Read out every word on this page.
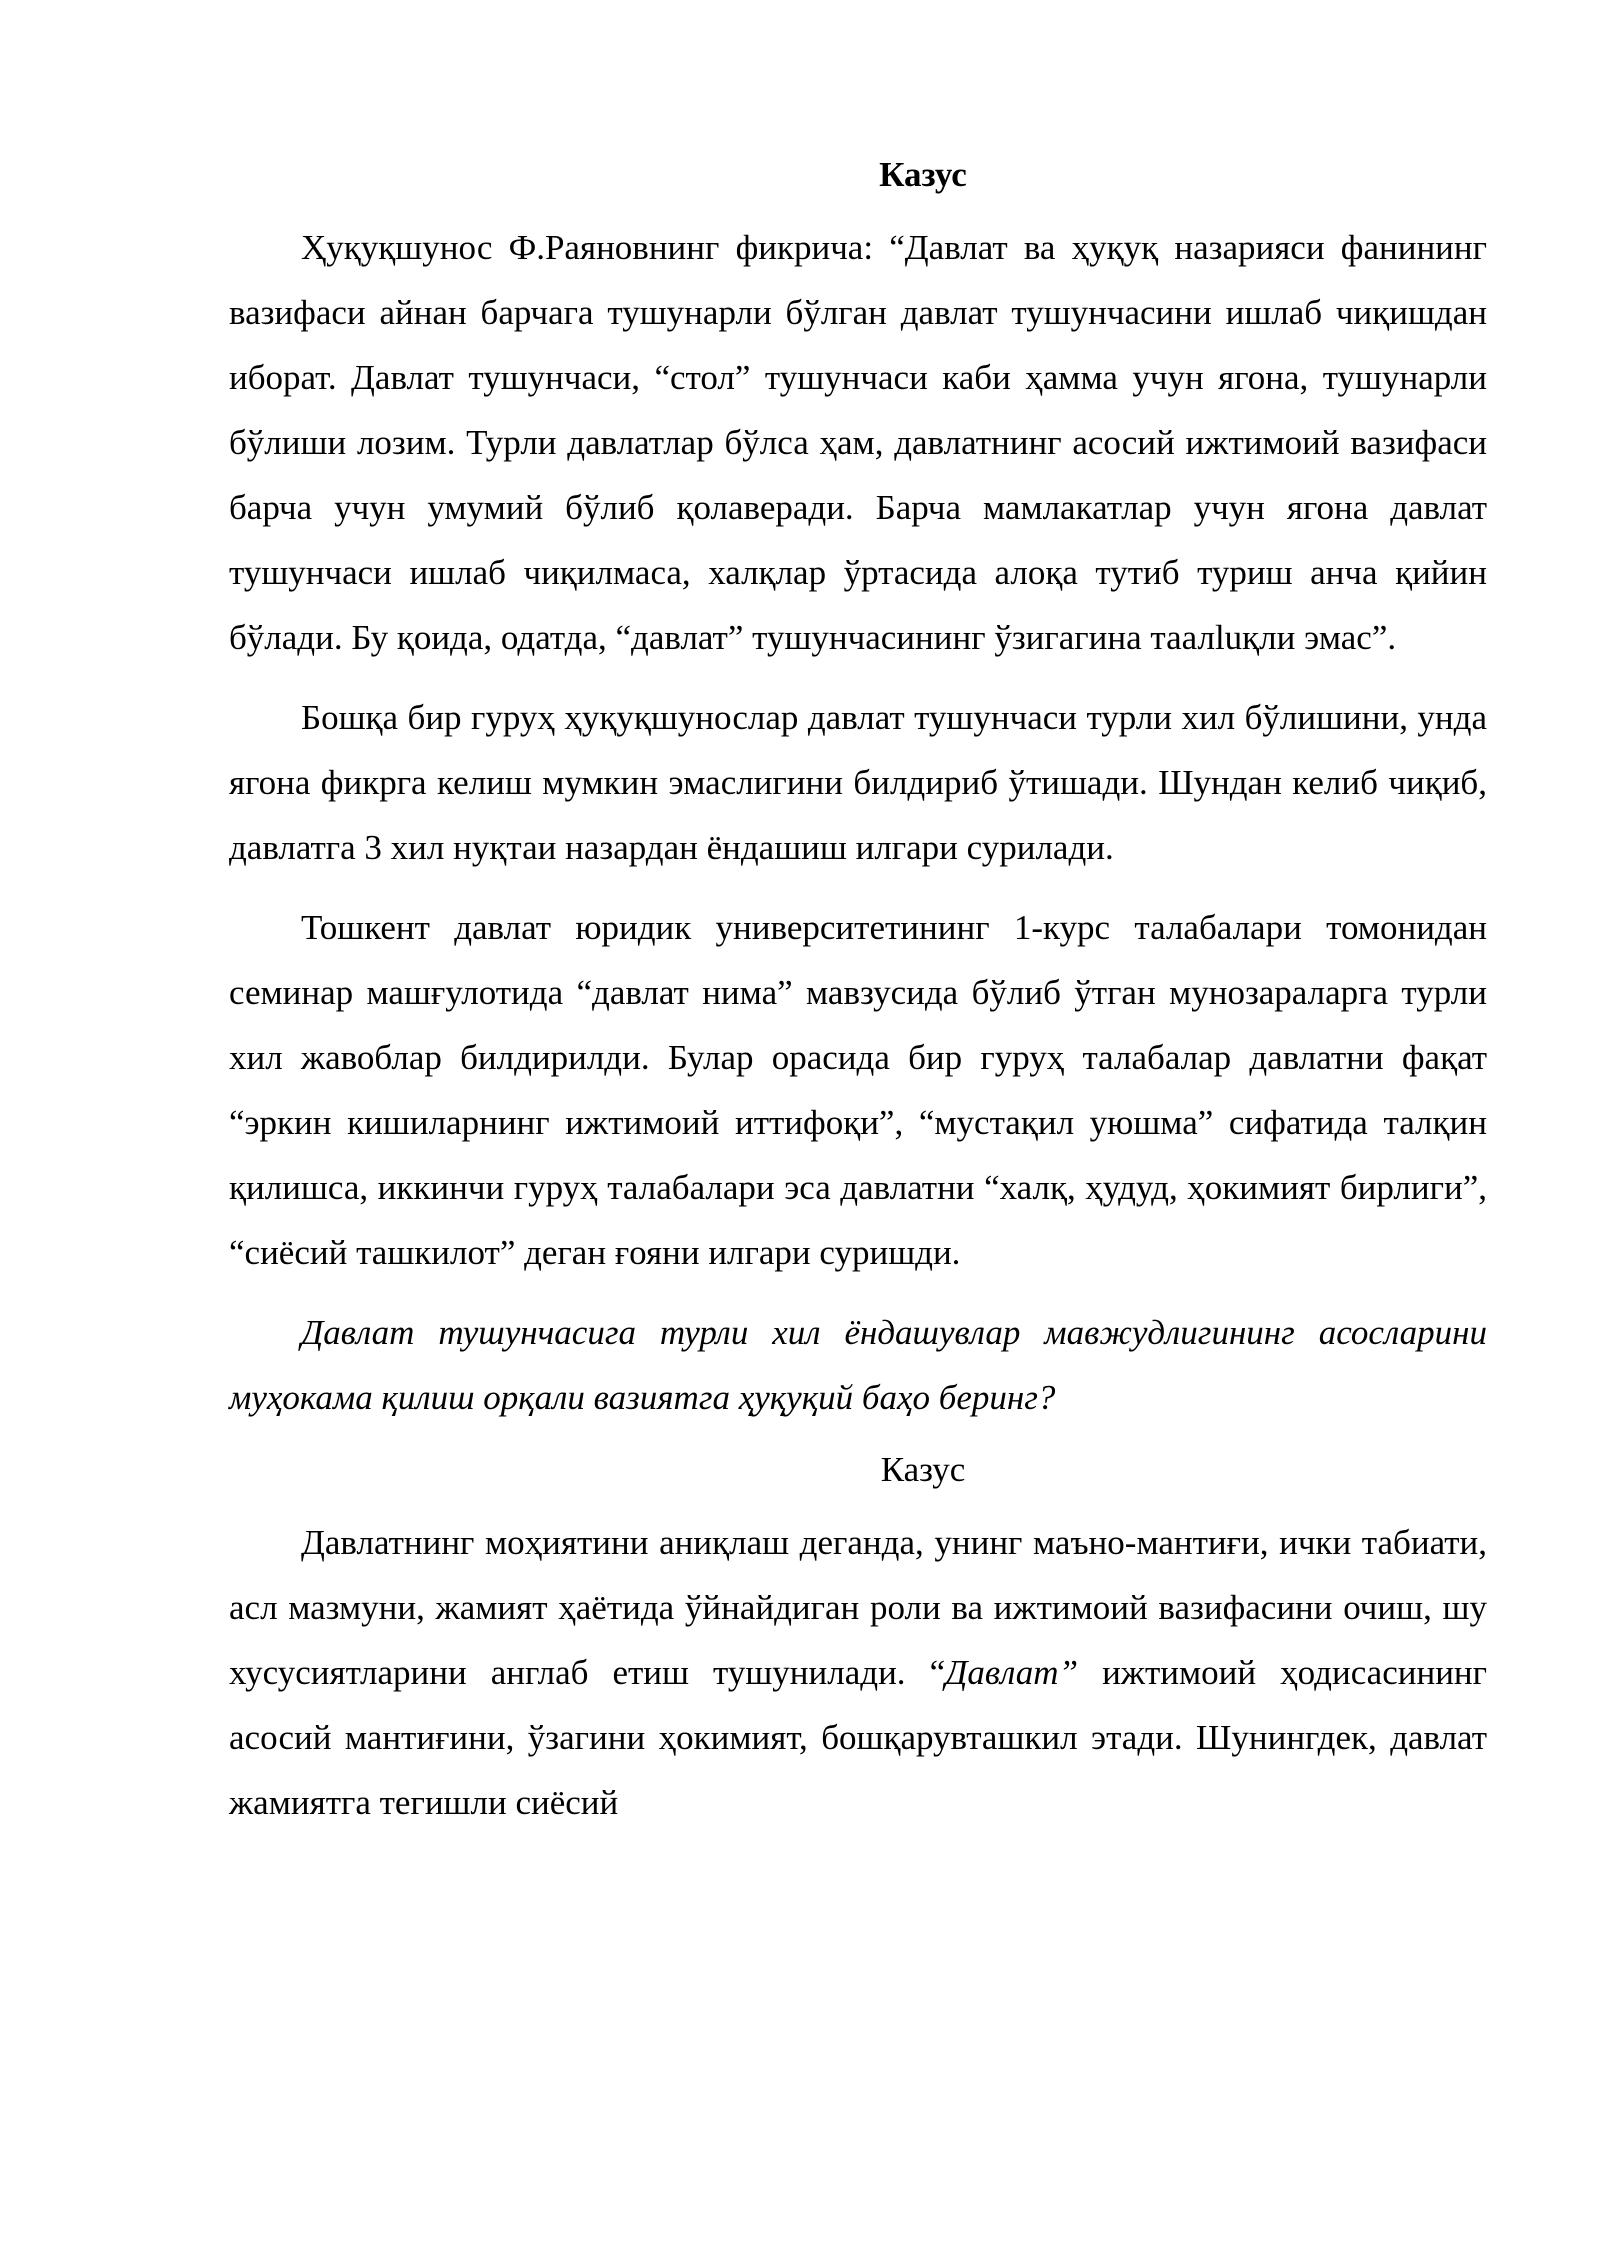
Казус

Ҳуқуқшунос Ф.Раяновнинг фикрича: “Давлат ва ҳуқуқ назарияси фанининг вазифаси айнан барчага тушунарли бўлган давлат тушунчасини ишлаб чиқишдан иборат. Давлат тушунчаси, “стол” тушунчаси каби ҳамма учун ягона, тушунарли бўлиши лозим. Турли давлатлар бўлса ҳам, давлатнинг асосий ижтимоий вазифаси барча учун умумий бўлиб қолаверади. Барча мамлакатлар учун ягона давлат тушунчаси ишлаб чиқилмаса, халқлар ўртасида алоқа тутиб туриш анча қийин бўлади. Бу қоида, одатда, “давлат” тушунчасининг ўзигагина таалluқли эмас”.

Бошқа бир гуруҳ ҳуқуқшунослар давлат тушунчаси турли хил бўлишини, унда ягона фикрга келиш мумкин эмаслигини билдириб ўтишади. Шундан келиб чиқиб, давлатга 3 хил нуқтаи назардан ёндашиш илгари сурилади.

Тошкент давлат юридик университетининг 1-курс талабалари томонидан семинар машғулотида “давлат нима” мавзусида бўлиб ўтган мунозараларга турли хил жавоблар билдирилди. Булар орасида бир гуруҳ талабалар давлатни фақат “эркин кишиларнинг ижтимоий иттифоқи”, “мустақил уюшма” сифатида талқин қилишса, иккинчи гуруҳ талабалари эса давлатни “халқ, ҳудуд, ҳокимият бирлиги”, “сиёсий ташкилот” деган ғояни илгари суришди.

Давлат тушунчасига турли хил ёндашувлар мавжудлигининг асосларини муҳокама қилиш орқали вазиятга ҳуқуқий баҳо беринг?

Казус

Давлатнинг моҳиятини аниқлаш деганда, унинг маъно-мантиғи, ички табиати, асл мазмуни, жамият ҳаётида ўйнайдиган роли ва ижтимоий вазифасини очиш, шу хусусиятларини англаб етиш тушунилади. “Давлат” ижтимоий ҳодисасининг асосий мантиғини, ўзагини ҳокимият, бошқарувташкил этади. Шунингдек, давлат жамиятга тегишли сиёсий
